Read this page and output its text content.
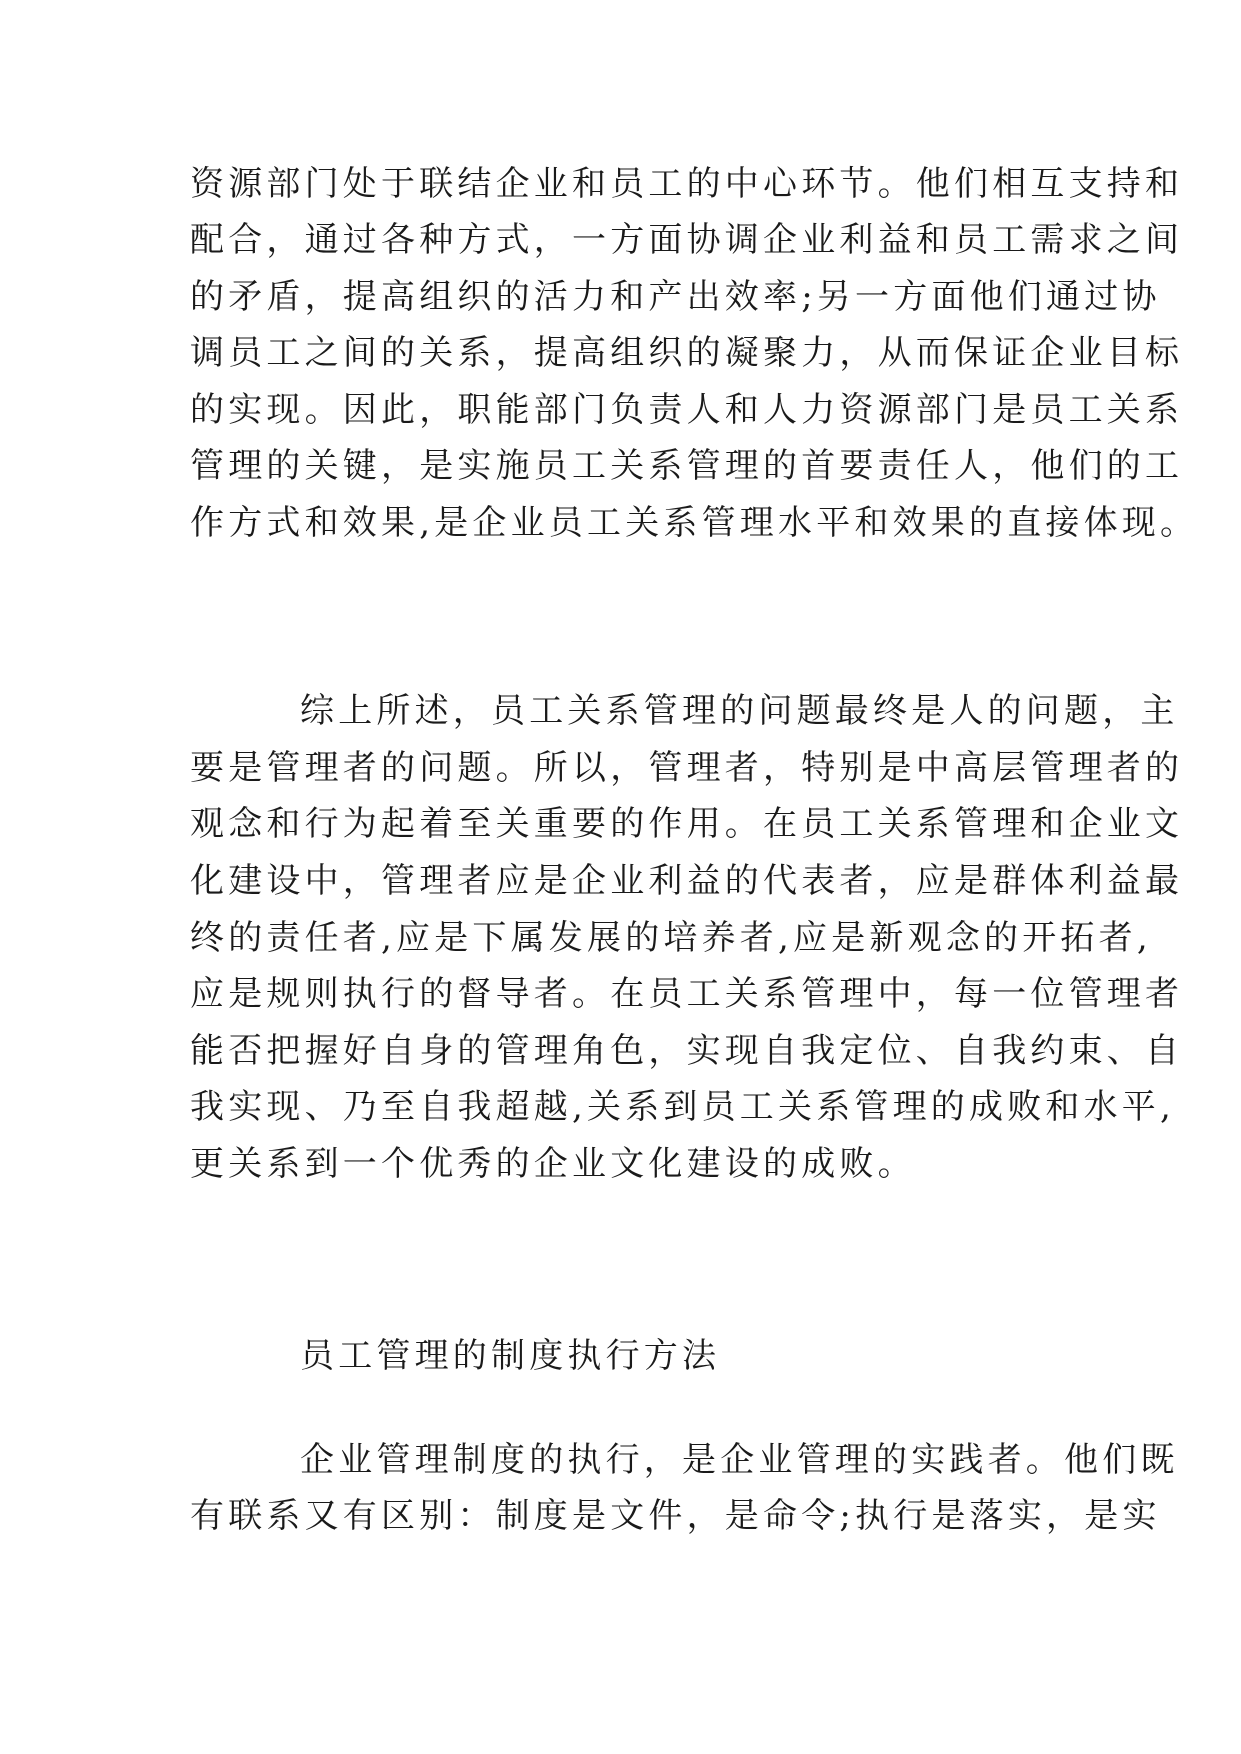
资源部门处于联结企业和员工的中心环节。他们相互支持和
配合，通过各种方式，一方面协调企业利益和员工需求之间
的矛盾，提高组织的活力和产出效率;另一方面他们通过协
调员工之间的关系，提高组织的凝聚力，从而保证企业目标
的实现。因此，职能部门负责人和人力资源部门是员工关系
管理的关键，是实施员工关系管理的首要责任人，他们的工
作方式和效果,是企业员工关系管理水平和效果的直接体现。
综上所述，员工关系管理的问题最终是人的问题，主
要是管理者的问题。所以，管理者，特别是中高层管理者的
观念和行为起着至关重要的作用。在员工关系管理和企业文
化建设中，管理者应是企业利益的代表者，应是群体利益最
终的责任者,应是下属发展的培养者,应是新观念的开拓者,
应是规则执行的督导者。在员工关系管理中，每一位管理者
能否把握好自身的管理角色，实现自我定位、自我约束、自
我实现、乃至自我超越,关系到员工关系管理的成败和水平,
更关系到一个优秀的企业文化建设的成败。
员工管理的制度执行方法
企业管理制度的执行，是企业管理的实践者。他们既
有联系又有区别：制度是文件，是命令;执行是落实，是实
